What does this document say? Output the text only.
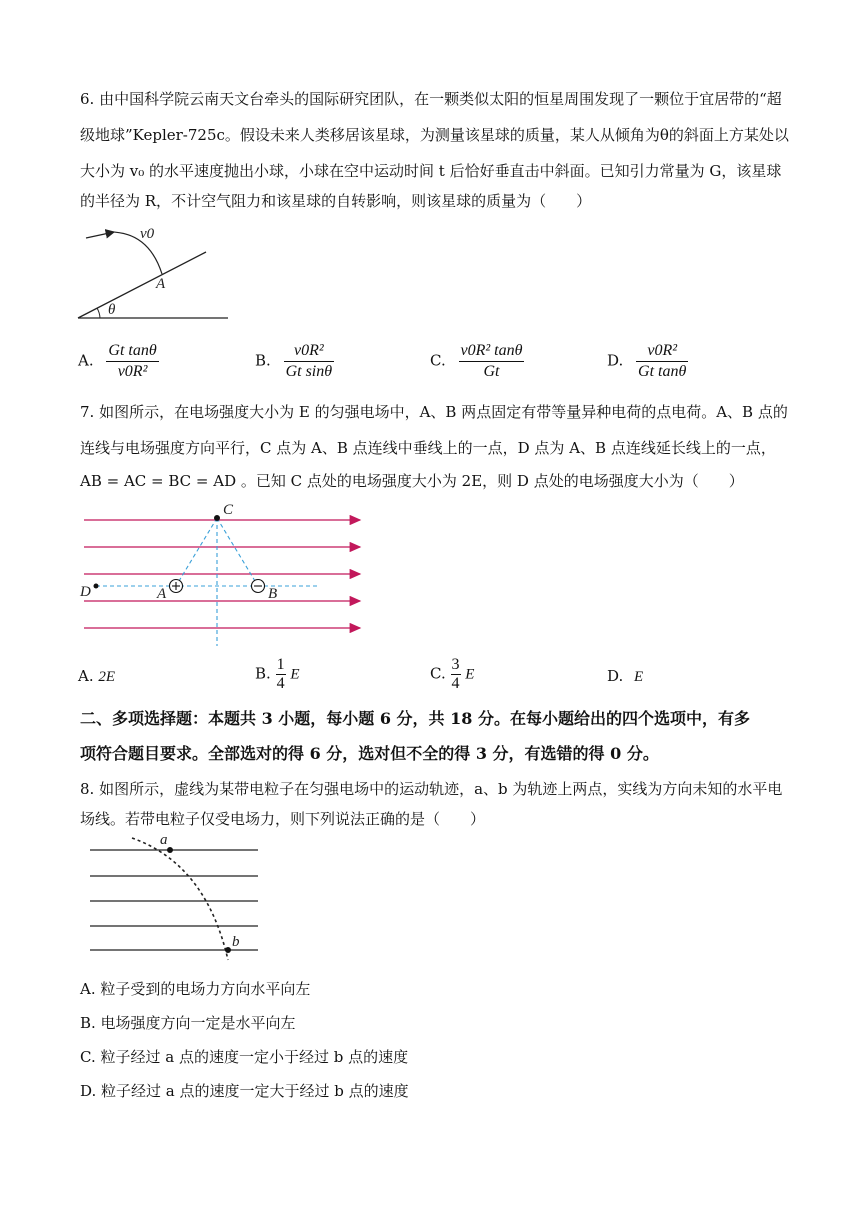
6. 由中国科学院云南天文台牵头的国际研究团队，在一颗类似太阳的恒星周围发现了一颗位于宜居带的“超
级地球”Kepler-725c。假设未来人类移居该星球，为测量该星球的质量，某人从倾角为θ的斜面上方某处以
大小为 v₀ 的水平速度抛出小球，小球在空中运动时间 t 后恰好垂直击中斜面。已知引力常量为 G，该星球
的半径为 R，不计空气阻力和该星球的自转影响，则该星球的质量为（　　）
v0
A
θ
A. $\frac{\text{Gt tanθ}}{\text{v0R²}}$	B. $\frac{\text{v0R²}}{\text{Gt sinθ}}$	C. $\frac{\text{v0R² tanθ}}{Gt}$	D. $\frac{\text{v0R²}}{\text{Gt tanθ}}$
7. 如图所示，在电场强度大小为 E 的匀强电场中，A、B 两点固定有带等量异种电荷的点电荷。A、B 点的
连线与电场强度方向平行，C 点为 A、B 点连线中垂线上的一点，D 点为 A、B 点连线延长线上的一点，
AB = AC = BC = AD 。已知 C 点处的电场强度大小为 2E，则 D 点处的电场强度大小为（　　）
C
D	A	B
A. 2E	B. $\frac{1}{4}$ E	C. $\frac{3}{4}$ E	D. E
二、多项选择题：本题共 3 小题，每小题 6 分，共 18 分。在每小题给出的四个选项中，有多
项符合题目要求。全部选对的得 6 分，选对但不全的得 3 分，有选错的得 0 分。
8. 如图所示，虚线为某带电粒子在匀强电场中的运动轨迹，a、b 为轨迹上两点，实线为方向未知的水平电
场线。若带电粒子仅受电场力，则下列说法正确的是（　　）
a
b
A. 粒子受到的电场力方向水平向左
B. 电场强度方向一定是水平向左
C. 粒子经过 a 点的速度一定小于经过 b 点的速度
D. 粒子经过 a 点的速度一定大于经过 b 点的速度
